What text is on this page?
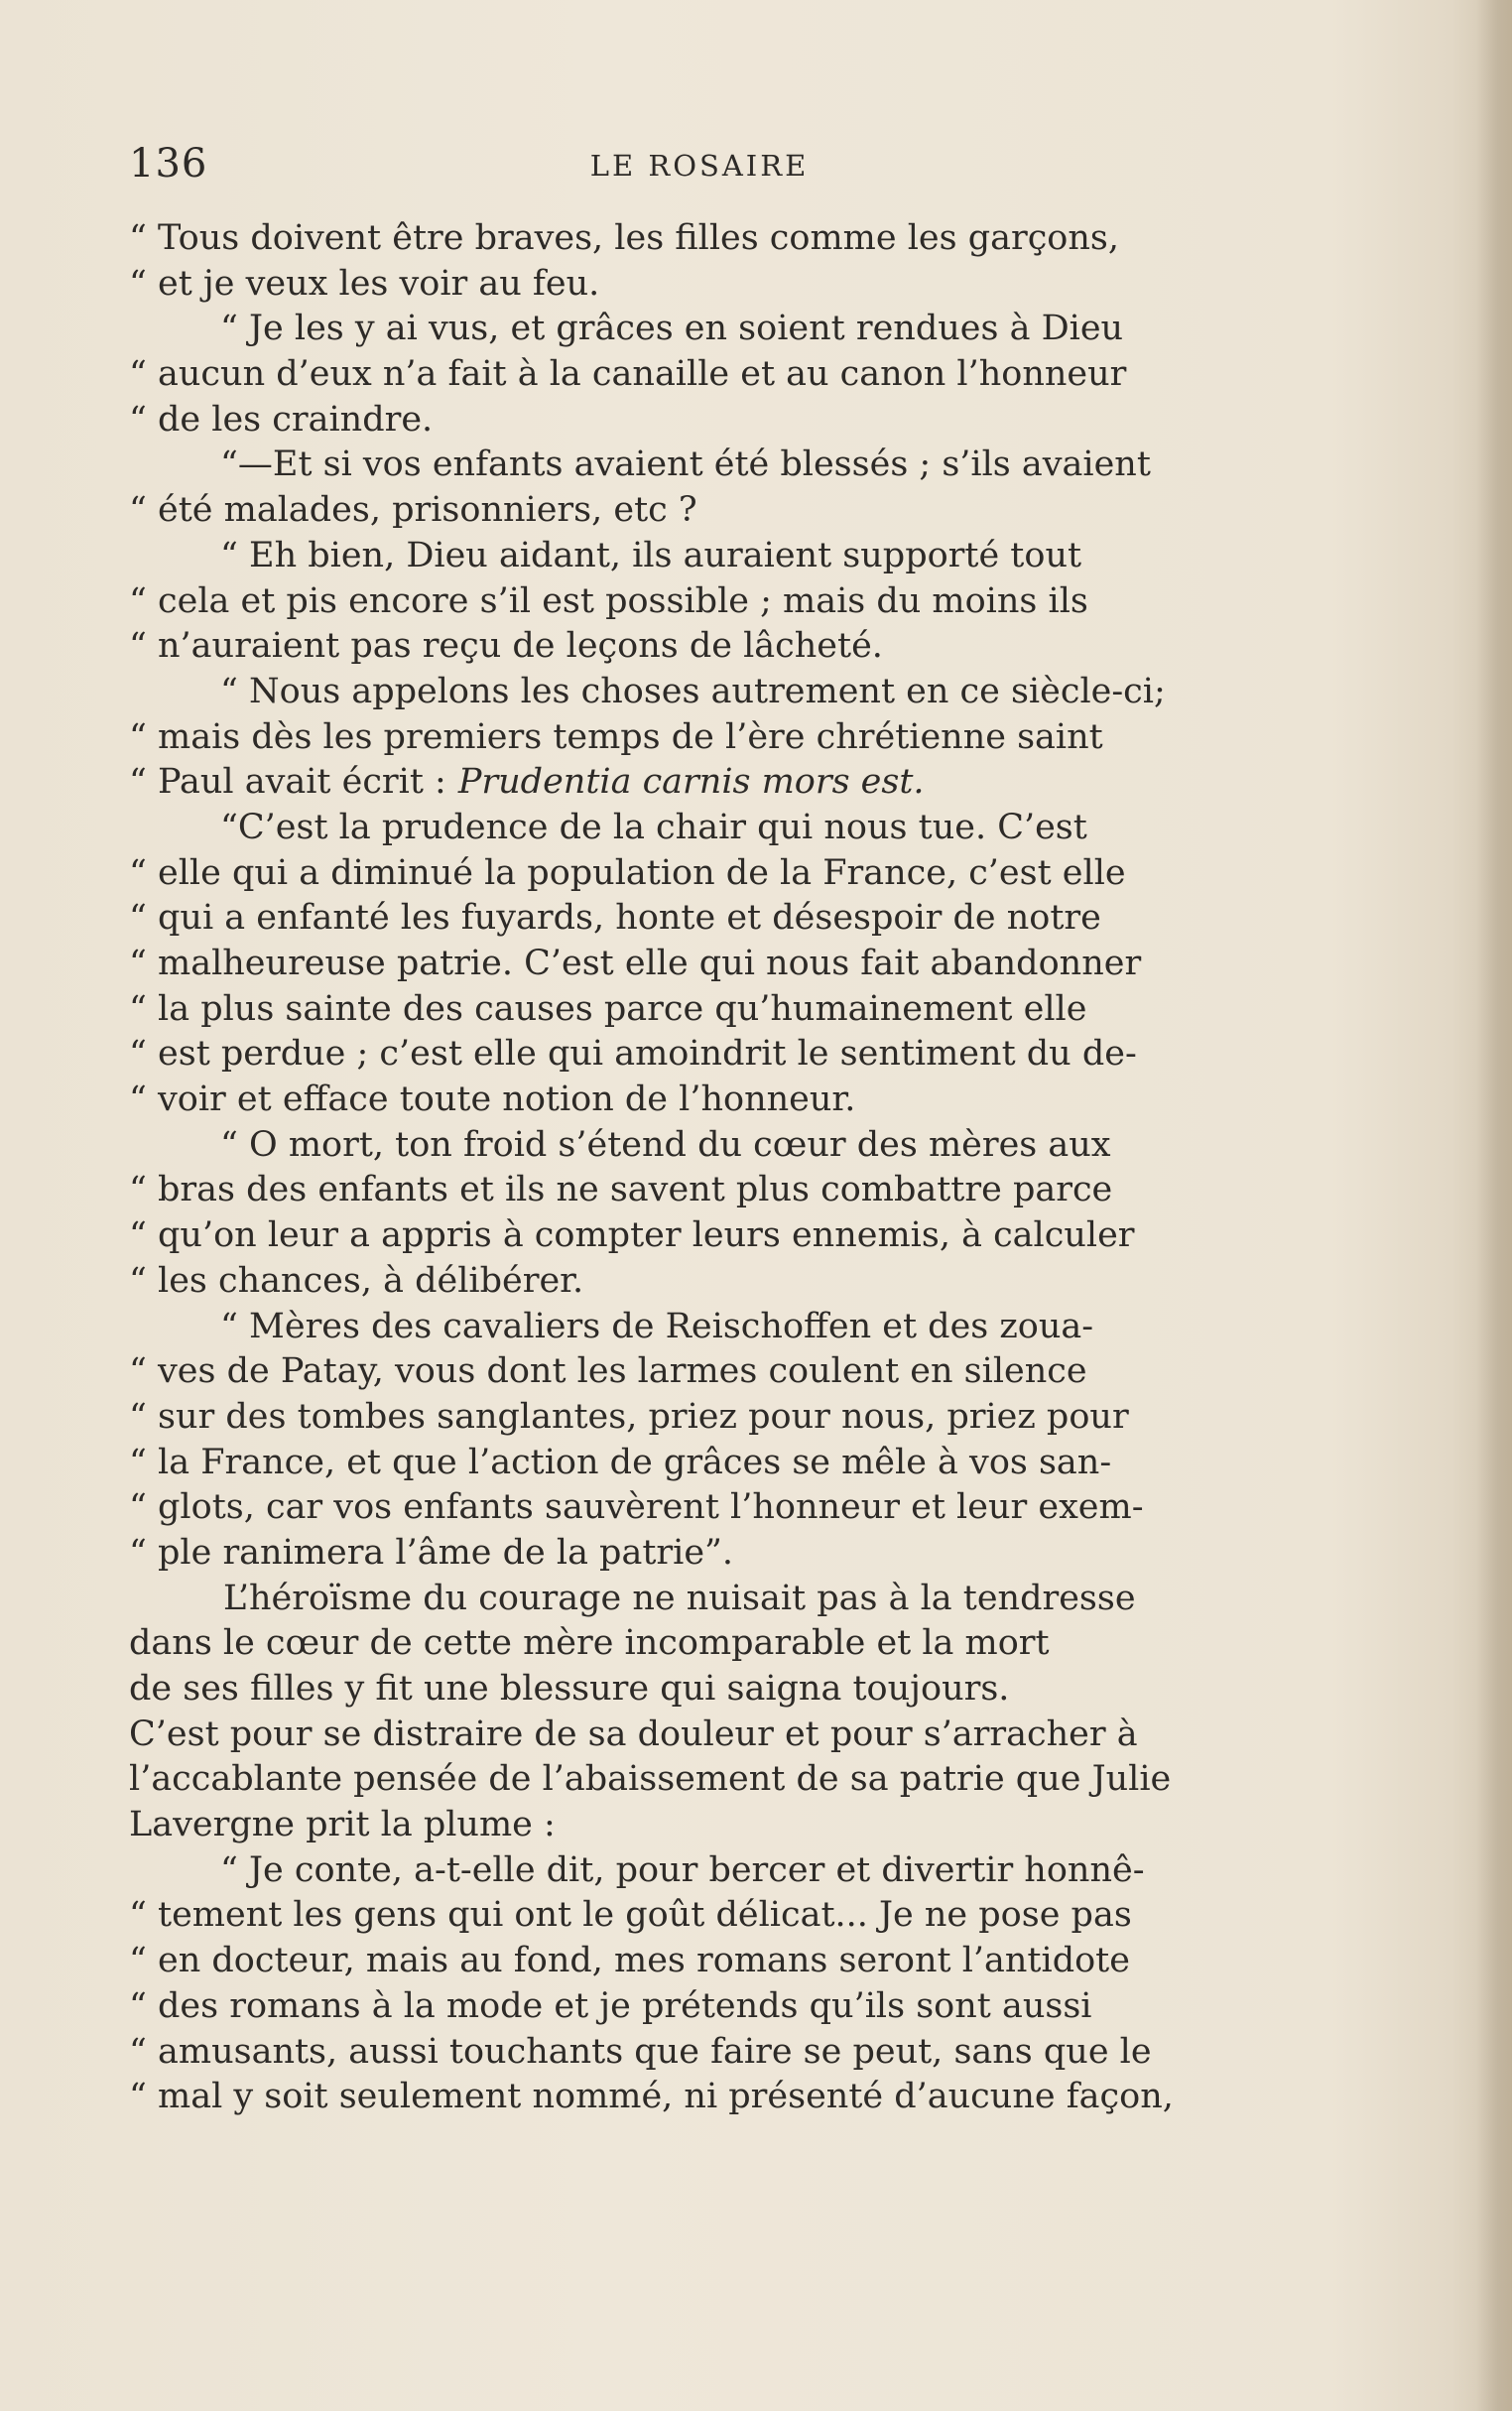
136	LE ROSAIRE
“ Tous doivent être braves, les filles comme les garçons,
“ et je veux les voir au feu.
“ Je les y ai vus, et grâces en soient rendues à Dieu
“ aucun d’eux n’a fait à la canaille et au canon l’honneur
“ de les craindre.
“—Et si vos enfants avaient été blessés ; s’ils avaient
“ été malades, prisonniers, etc ?
“ Eh bien, Dieu aidant, ils auraient supporté tout
“ cela et pis encore s’il est possible ; mais du moins ils
“ n’auraient pas reçu de leçons de lâcheté.
“ Nous appelons les choses autrement en ce siècle-ci;
“ mais dès les premiers temps de l’ère chrétienne saint
“ Paul avait écrit : Prudentia carnis mors est.
“C’est la prudence de la chair qui nous tue. C’est
“ elle qui a diminué la population de la France, c’est elle
“ qui a enfanté les fuyards, honte et désespoir de notre
“ malheureuse patrie. C’est elle qui nous fait abandonner
“ la plus sainte des causes parce qu’humainement elle
“ est perdue ; c’est elle qui amoindrit le sentiment du de-
“ voir et efface toute notion de l’honneur.
“ O mort, ton froid s’étend du cœur des mères aux
“ bras des enfants et ils ne savent plus combattre parce
“ qu’on leur a appris à compter leurs ennemis, à calculer
“ les chances, à délibérer.
“ Mères des cavaliers de Reischoffen et des zoua-
“ ves de Patay, vous dont les larmes coulent en silence
“ sur des tombes sanglantes, priez pour nous, priez pour
“ la France, et que l’action de grâces se mêle à vos san-
“ glots, car vos enfants sauvèrent l’honneur et leur exem-
“ ple ranimera l’âme de la patrie”.
L’héroïsme du courage ne nuisait pas à la tendresse
dans le cœur de cette mère incomparable et la mort
de ses filles y fit une blessure qui saigna toujours.
C’est pour se distraire de sa douleur et pour s’arracher à
l’accablante pensée de l’abaissement de sa patrie que Julie
Lavergne prit la plume :
“ Je conte, a-t-elle dit, pour bercer et divertir honnê-
“ tement les gens qui ont le goût délicat... Je ne pose pas
“ en docteur, mais au fond, mes romans seront l’antidote
“ des romans à la mode et je prétends qu’ils sont aussi
“ amusants, aussi touchants que faire se peut, sans que le
“ mal y soit seulement nommé, ni présenté d’aucune façon,
